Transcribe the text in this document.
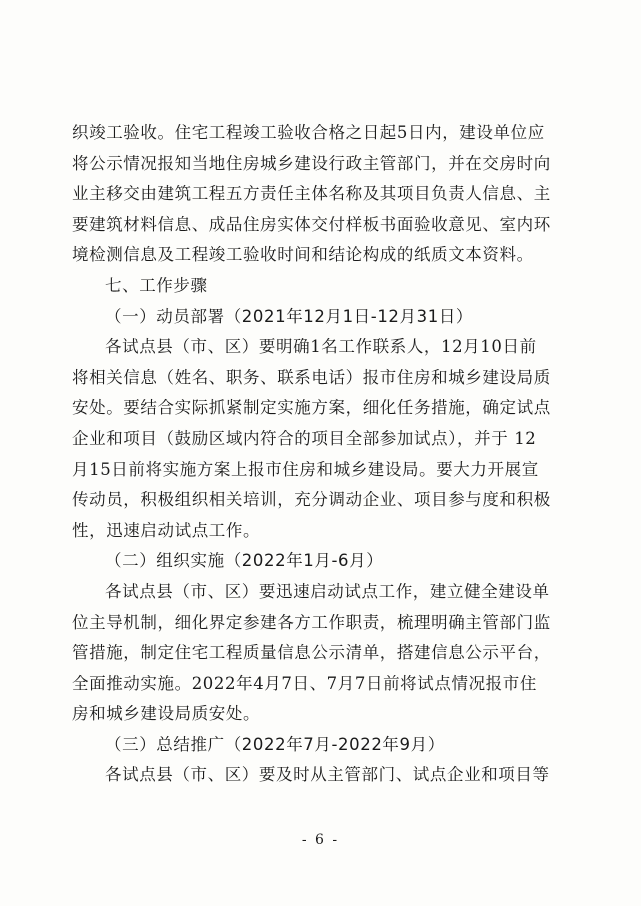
织竣工验收。住宅工程竣工验收合格之日起5日内，建设单位应
将公示情况报知当地住房城乡建设行政主管部门，并在交房时向
业主移交由建筑工程五方责任主体名称及其项目负责人信息、主
要建筑材料信息、成品住房实体交付样板书面验收意见、室内环
境检测信息及工程竣工验收时间和结论构成的纸质文本资料。
七、工作步骤
（一）动员部署（2021年12月1日-12月31日）
各试点县（市、区）要明确1名工作联系人，12月10日前
将相关信息（姓名、职务、联系电话）报市住房和城乡建设局质
安处。要结合实际抓紧制定实施方案，细化任务措施，确定试点
企业和项目（鼓励区域内符合的项目全部参加试点），并于 12
月15日前将实施方案上报市住房和城乡建设局。要大力开展宣
传动员，积极组织相关培训，充分调动企业、项目参与度和积极
性，迅速启动试点工作。
（二）组织实施（2022年1月-6月）
各试点县（市、区）要迅速启动试点工作，建立健全建设单
位主导机制，细化界定参建各方工作职责，梳理明确主管部门监
管措施，制定住宅工程质量信息公示清单，搭建信息公示平台，
全面推动实施。2022年4月7日、7月7日前将试点情况报市住
房和城乡建设局质安处。
（三）总结推广（2022年7月-2022年9月）
各试点县（市、区）要及时从主管部门、试点企业和项目等
- 6 -
